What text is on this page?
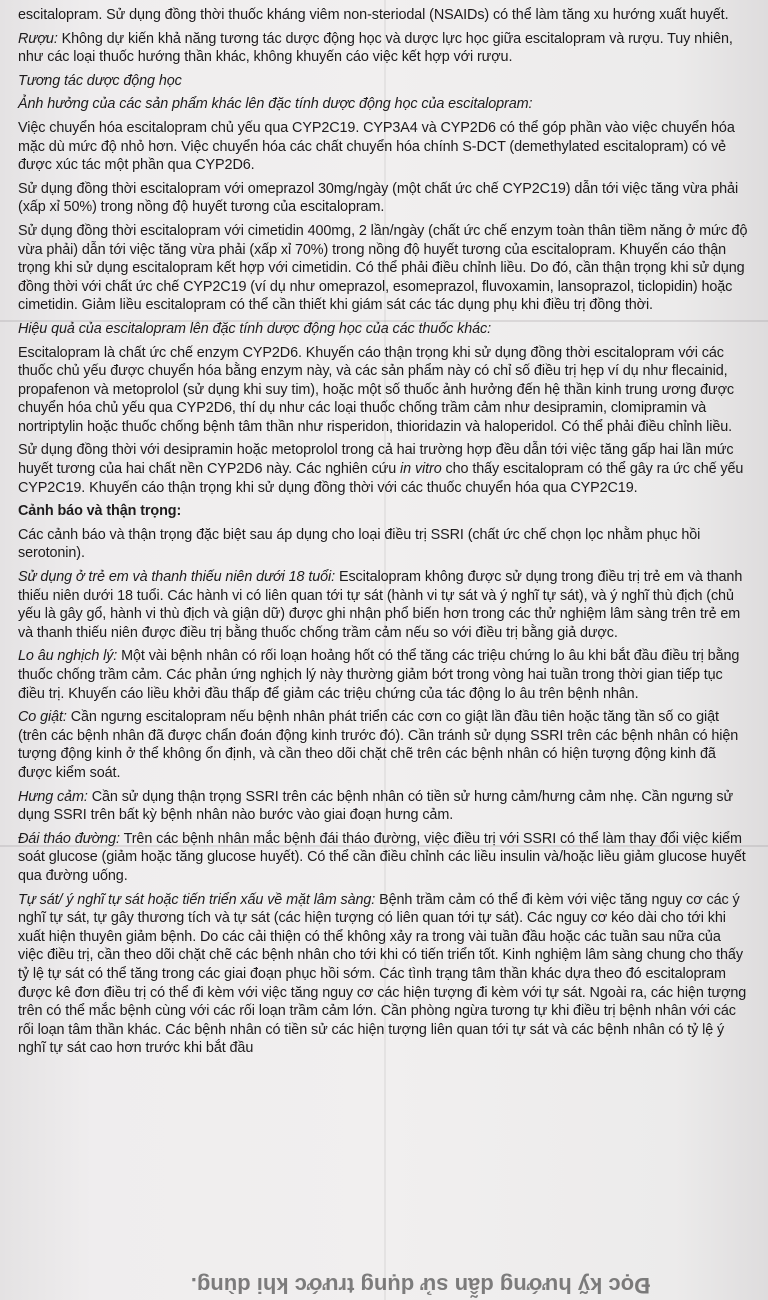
escitalopram. Sử dụng đồng thời thuốc kháng viêm non-steriodal (NSAIDs) có thể làm tăng xu hướng xuất huyết.

Rượu: Không dự kiến khả năng tương tác dược động học và dược lực học giữa escitalopram và rượu. Tuy nhiên, như các loại thuốc hướng thần khác, không khuyến cáo việc kết hợp với rượu.

Tương tác dược động học

Ảnh hưởng của các sản phẩm khác lên đặc tính dược động học của escitalopram:

Việc chuyển hóa escitalopram chủ yếu qua CYP2C19. CYP3A4 và CYP2D6 có thể góp phần vào việc chuyển hóa mặc dù mức độ nhỏ hơn. Việc chuyển hóa các chất chuyển hóa chính S-DCT (demethylated escitalopram) có vẻ được xúc tác một phần qua CYP2D6.

Sử dụng đồng thời escitalopram với omeprazol 30mg/ngày (một chất ức chế CYP2C19) dẫn tới việc tăng vừa phải (xấp xỉ 50%) trong nồng độ huyết tương của escitalopram.

Sử dụng đồng thời escitalopram với cimetidin 400mg, 2 lần/ngày (chất ức chế enzym toàn thân tiềm năng ở mức độ vừa phải) dẫn tới việc tăng vừa phải (xấp xỉ 70%) trong nồng độ huyết tương của escitalopram. Khuyến cáo thận trọng khi sử dụng escitalopram kết hợp với cimetidin. Có thể phải điều chỉnh liều. Do đó, cần thận trọng khi sử dụng đồng thời với chất ức chế CYP2C19 (ví dụ như omeprazol, esomeprazol, fluvoxamin, lansoprazol, ticlopidin) hoặc cimetidin. Giảm liều escitalopram có thể cần thiết khi giám sát các tác dụng phụ khi điều trị đồng thời.

Hiệu quả của escitalopram lên đặc tính dược động học của các thuốc khác:

Escitalopram là chất ức chế enzym CYP2D6. Khuyến cáo thận trọng khi sử dụng đồng thời escitalopram với các thuốc chủ yếu được chuyển hóa bằng enzym này, và các sản phẩm này có chỉ số điều trị hẹp ví dụ như flecainid, propafenon và metoprolol (sử dụng khi suy tim), hoặc một số thuốc ảnh hưởng đến hệ thần kinh trung ương được chuyển hóa chủ yếu qua CYP2D6, thí dụ như các loại thuốc chống trầm cảm như desipramin, clomipramin và nortriptylin hoặc thuốc chống bệnh tâm thần như risperidon, thioridazin và haloperidol. Có thể phải điều chỉnh liều.

Sử dụng đồng thời với desipramin hoặc metoprolol trong cả hai trường hợp đều dẫn tới việc tăng gấp hai lần mức huyết tương của hai chất nền CYP2D6 này. Các nghiên cứu in vitro cho thấy escitalopram có thể gây ra ức chế yếu CYP2C19. Khuyến cáo thận trọng khi sử dụng đồng thời với các thuốc chuyển hóa qua CYP2C19.

Cảnh báo và thận trọng:

Các cảnh báo và thận trọng đặc biệt sau áp dụng cho loại điều trị SSRI (chất ức chế chọn lọc nhằm phục hồi serotonin).

Sử dụng ở trẻ em và thanh thiếu niên dưới 18 tuổi: Escitalopram không được sử dụng trong điều trị trẻ em và thanh thiếu niên dưới 18 tuổi. Các hành vi có liên quan tới tự sát (hành vi tự sát và ý nghĩ tự sát), và ý nghĩ thù địch (chủ yếu là gây gổ, hành vi thù địch và giận dữ) được ghi nhận phổ biến hơn trong các thử nghiệm lâm sàng trên trẻ em và thanh thiếu niên được điều trị bằng thuốc chống trầm cảm nếu so với điều trị bằng giả dược.

Lo âu nghịch lý: Một vài bệnh nhân có rối loạn hoảng hốt có thể tăng các triệu chứng lo âu khi bắt đầu điều trị bằng thuốc chống trầm cảm. Các phản ứng nghịch lý này thường giảm bớt trong vòng hai tuần trong thời gian tiếp tục điều trị. Khuyến cáo liều khởi đầu thấp để giảm các triệu chứng của tác động lo âu trên bệnh nhân.

Co giật: Cần ngưng escitalopram nếu bệnh nhân phát triển các cơn co giật lần đầu tiên hoặc tăng tần số co giật (trên các bệnh nhân đã được chẩn đoán động kinh trước đó). Cần tránh sử dụng SSRI trên các bệnh nhân có hiện tượng động kinh ở thể không ổn định, và cần theo dõi chặt chẽ trên các bệnh nhân có hiện tượng động kinh đã được kiểm soát.

Hưng cảm: Cần sử dụng thận trọng SSRI trên các bệnh nhân có tiền sử hưng cảm/hưng cảm nhẹ. Cần ngưng sử dụng SSRI trên bất kỳ bệnh nhân nào bước vào giai đoạn hưng cảm.

Đái tháo đường: Trên các bệnh nhân mắc bệnh đái tháo đường, việc điều trị với SSRI có thể làm thay đổi việc kiểm soát glucose (giảm hoặc tăng glucose huyết). Có thể cần điều chỉnh các liều insulin và/hoặc liều giảm glucose huyết qua đường uống.

Tự sát/ ý nghĩ tự sát hoặc tiến triển xấu về mặt lâm sàng: Bệnh trầm cảm có thể đi kèm với việc tăng nguy cơ các ý nghĩ tự sát, tự gây thương tích và tự sát (các hiện tượng có liên quan tới tự sát). Các nguy cơ kéo dài cho tới khi xuất hiện thuyên giảm bệnh. Do các cải thiện có thể không xảy ra trong vài tuần đầu hoặc các tuần sau nữa của việc điều trị, cần theo dõi chặt chẽ các bệnh nhân cho tới khi có tiến triển tốt. Kinh nghiệm lâm sàng chung cho thấy tỷ lệ tự sát có thể tăng trong các giai đoạn phục hồi sớm. Các tình trạng tâm thần khác dựa theo đó escitalopram được kê đơn điều trị có thể đi kèm với việc tăng nguy cơ các hiện tượng đi kèm với tự sát. Ngoài ra, các hiện tượng trên có thể mắc bệnh cùng với các rối loạn trầm cảm lớn. Cần phòng ngừa tương tự khi điều trị bệnh nhân với các rối loạn tâm thần khác. Các bệnh nhân có tiền sử các hiện tượng liên quan tới tự sát và các bệnh nhân có tỷ lệ ý nghĩ tự sát cao hơn trước khi bắt đầu

Đọc kỹ hướng dẫn sử dụng trước khi dùng.
